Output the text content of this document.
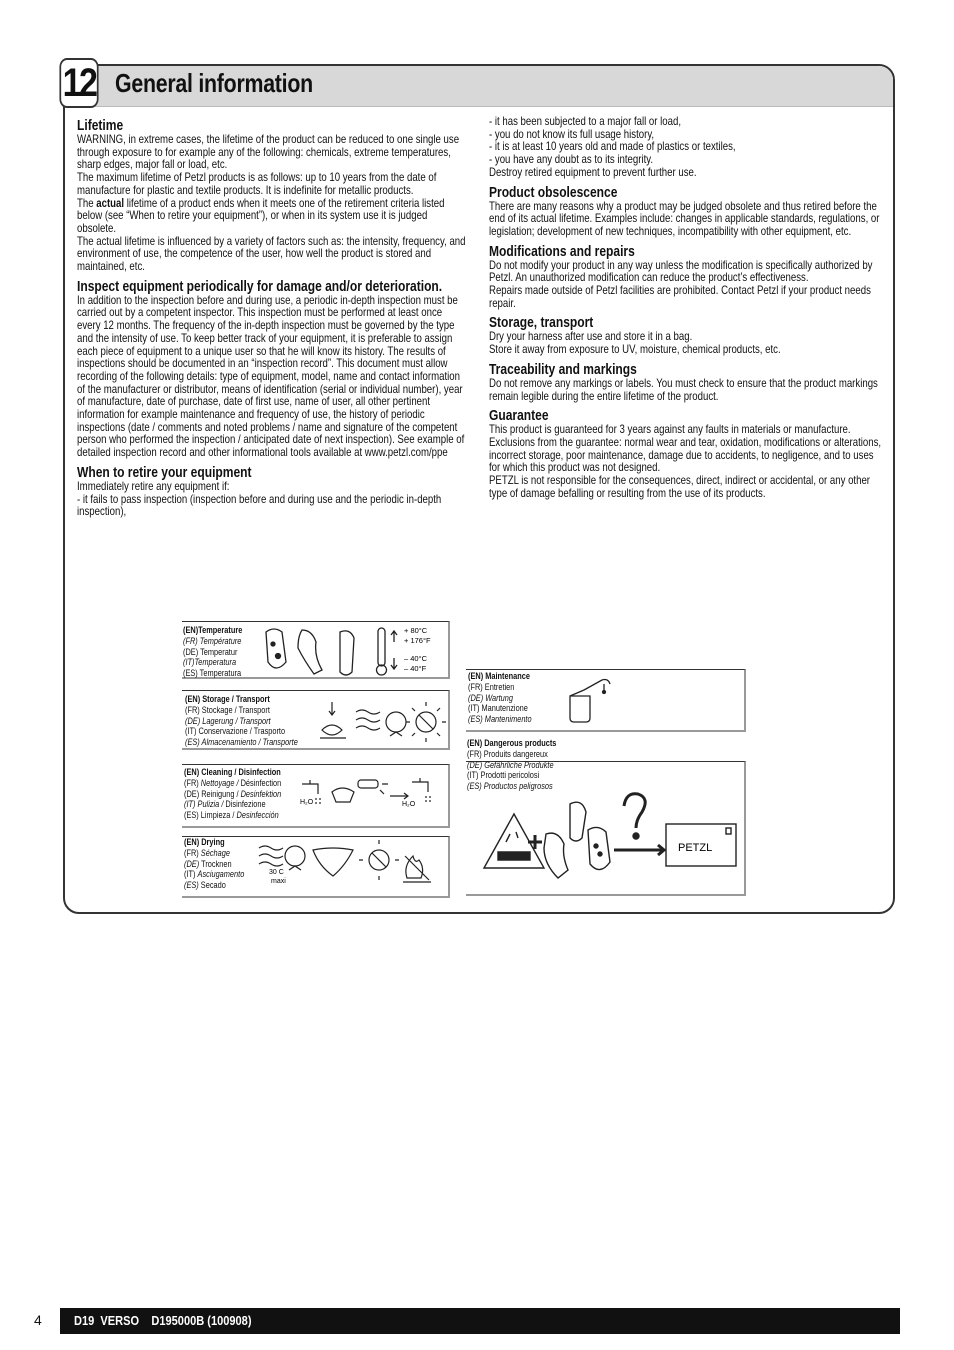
12 General information
Lifetime

WARNING, in extreme cases, the lifetime of the product can be reduced to one single use through exposure to for example any of the following: chemicals, extreme temperatures, sharp edges, major fall or load, etc.

The maximum lifetime of Petzl products is as follows: up to 10 years from the date of manufacture for plastic and textile products. It is indefinite for metallic products.

The actual lifetime of a product ends when it meets one of the retirement criteria listed below (see “When to retire your equipment”), or when in its system use it is judged obsolete.

The actual lifetime is influenced by a variety of factors such as: the intensity, frequency, and environment of use, the competence of the user, how well the product is stored and maintained, etc.

Inspect equipment periodically for damage and/or deterioration.

In addition to the inspection before and during use, a periodic in-depth inspection must be carried out by a competent inspector. This inspection must be performed at least once every 12 months. The frequency of the in-depth inspection must be governed by the type and the intensity of use. To keep better track of your equipment, it is preferable to assign each piece of equipment to a unique user so that he will know its history. The results of inspections should be documented in an “inspection record”. This document must allow recording of the following details: type of equipment, model, name and contact information of the manufacturer or distributor, means of identification (serial or individual number), year of manufacture, date of purchase, date of first use, name of user, all other pertinent information for example maintenance and frequency of use, the history of periodic inspections (date / comments and noted problems / name and signature of the competent person who performed the inspection / anticipated date of next inspection). See example of detailed inspection record and other informational tools available at www.petzl.com/ppe

When to retire your equipment

Immediately retire any equipment if:

- it fails to pass inspection (inspection before and during use and the periodic in-depth inspection),

- it has been subjected to a major fall or load,

- you do not know its full usage history,

- it is at least 10 years old and made of plastics or textiles,

- you have any doubt as to its integrity.

Destroy retired equipment to prevent further use.

Product obsolescence

There are many reasons why a product may be judged obsolete and thus retired before the end of its actual lifetime. Examples include: changes in applicable standards, regulations, or legislation; development of new techniques, incompatibility with other equipment, etc.

Modifications and repairs

Do not modify your product in any way unless the modification is specifically authorized by Petzl. An unauthorized modification can reduce the product’s effectiveness.

Repairs made outside of Petzl facilities are prohibited. Contact Petzl if your product needs repair.

Storage, transport

Dry your harness after use and store it in a bag.

Store it away from exposure to UV, moisture, chemical products, etc.

Traceability and markings

Do not remove any markings or labels. You must check to ensure that the product markings remain legible during the entire lifetime of the product.

Guarantee

This product is guaranteed for 3 years against any faults in materials or manufacture. Exclusions from the guarantee: normal wear and tear, oxidation, modifications or alterations, incorrect storage, poor maintenance, damage due to accidents, to negligence, and to uses for which this product was not designed.

PETZL is not responsible for the consequences, direct, indirect or accidental, or any other type of damage befalling or resulting from the use of its products.

(EN)Temperature
(FR) Température
(DE) Temperatur
(IT)Temperatura
(ES) Temperatura
+ 80°C
+ 176°F
– 40°C
– 40°F
(EN) Storage / Transport
(FR) Stockage / Transport
(DE) Lagerung / Transport
(IT) Conservazione / Trasporto
(ES) Almacenamiento / Transporte
(EN) Cleaning / Disinfection
(FR) Nettoyage / Désinfection
(DE) Reinigung / Desinfektion
(IT) Pulizia / Disinfezione
(ES) Limpieza / Desinfección
H₂O	H₂O
(EN) Drying
(FR) Séchage
(DE) Trocknen
(IT) Asciugamento
(ES) Secado
30 C
maxi
(EN) Maintenance
(FR) Entretien
(DE) Wartung
(IT) Manutenzione
(ES) Mantenimento
(EN) Dangerous products
(FR) Produits dangereux
(DE) Gefährliche Produkte
(IT) Prodotti pericolosi
(ES) Productos peligrosos
PETZL
4 D19  VERSO    D195000B (100908)
